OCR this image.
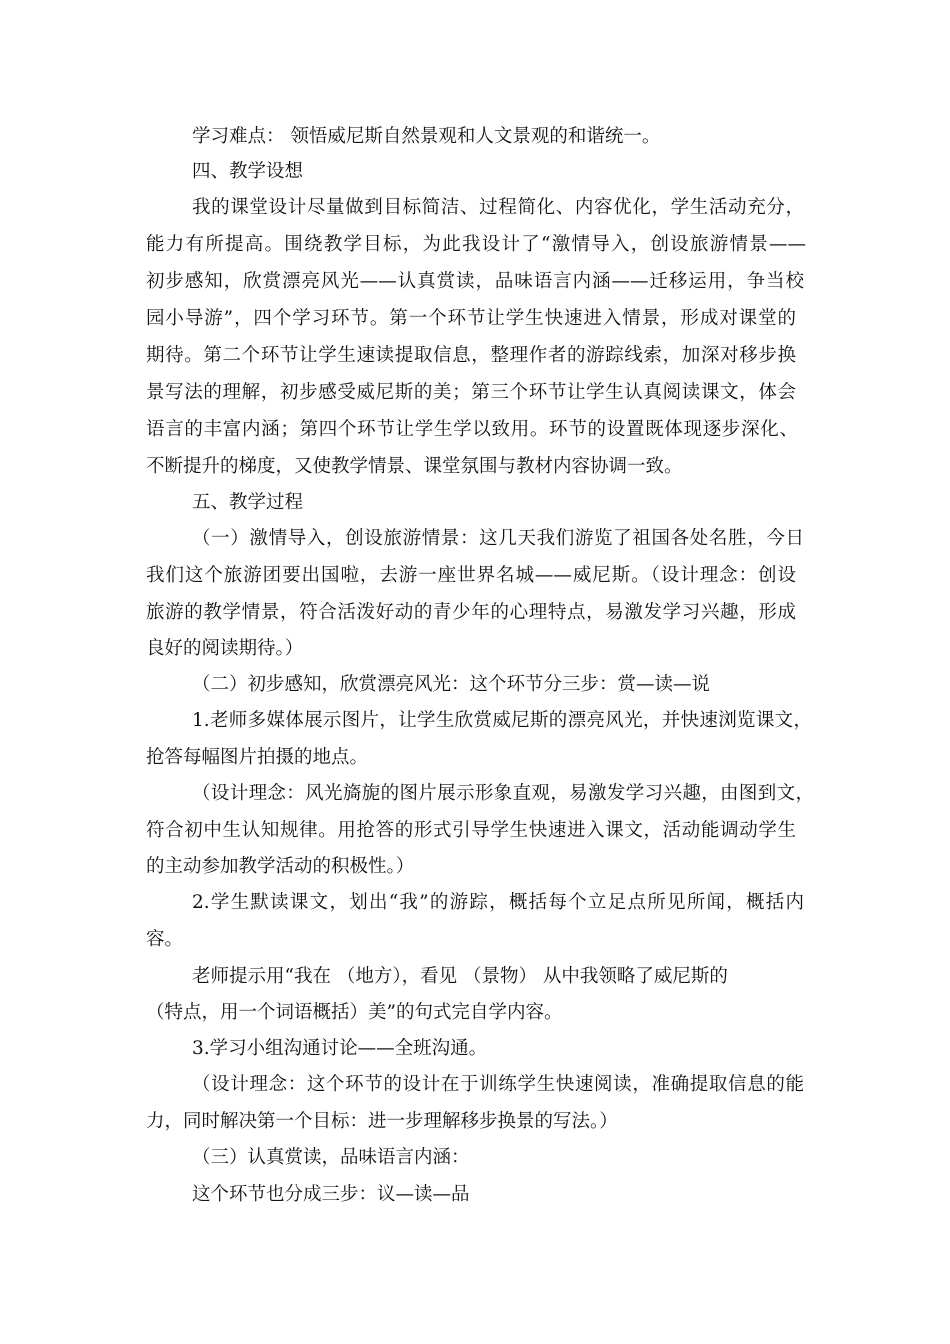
学习难点： 领悟威尼斯自然景观和人文景观的和谐统一。
四、教学设想
我的课堂设计尽量做到目标简洁、过程简化、内容优化，学生活动充分，
能力有所提高。围绕教学目标，为此我设计了“激情导入，创设旅游情景——
初步感知，欣赏漂亮风光——认真赏读，品味语言内涵——迁移运用，争当校
园小导游”，四个学习环节。第一个环节让学生快速进入情景，形成对课堂的
期待。第二个环节让学生速读提取信息，整理作者的游踪线索，加深对移步换
景写法的理解，初步感受威尼斯的美；第三个环节让学生认真阅读课文，体会
语言的丰富内涵；第四个环节让学生学以致用。环节的设置既体现逐步深化、
不断提升的梯度，又使教学情景、课堂氛围与教材内容协调一致。
五、教学过程
（一）激情导入，创设旅游情景：这几天我们游览了祖国各处名胜，今日
我们这个旅游团要出国啦，去游一座世界名城——威尼斯。（设计理念：创设
旅游的教学情景，符合活泼好动的青少年的心理特点，易激发学习兴趣，形成
良好的阅读期待。）
（二）初步感知，欣赏漂亮风光：这个环节分三步：赏—读—说
1.老师多媒体展示图片，让学生欣赏威尼斯的漂亮风光，并快速浏览课文，
抢答每幅图片拍摄的地点。
（设计理念：风光旖旎的图片展示形象直观，易激发学习兴趣，由图到文，
符合初中生认知规律。用抢答的形式引导学生快速进入课文，活动能调动学生
的主动参加教学活动的积极性。）
2.学生默读课文，划出“我”的游踪，概括每个立足点所见所闻，概括内
容。
老师提示用“我在 （地方），看见 （景物） 从中我领略了威尼斯的
（特点，用一个词语概括）美”的句式完自学内容。
3.学习小组沟通讨论——全班沟通。
（设计理念：这个环节的设计在于训练学生快速阅读，准确提取信息的能
力，同时解决第一个目标：进一步理解移步换景的写法。）
（三）认真赏读，品味语言内涵：
这个环节也分成三步：议—读—品
